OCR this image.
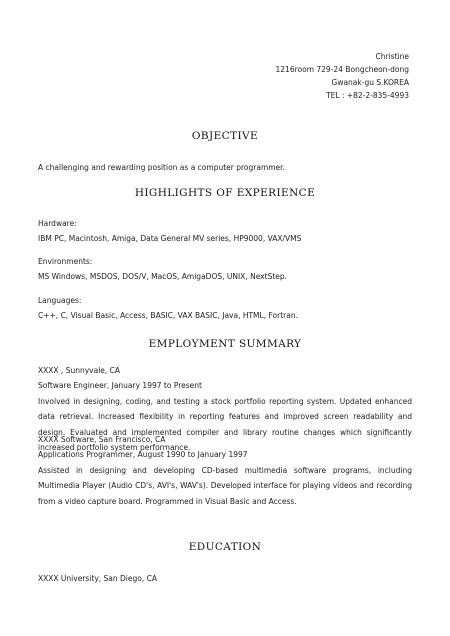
Christine
1216room 729-24 Bongcheon-dong
Gwanak-gu S.KOREA
TEL : +82-2-835-4993
OBJECTIVE
A challenging and rewarding position as a computer programmer.
HIGHLIGHTS OF EXPERIENCE
Hardware:
IBM PC, Macintosh, Amiga, Data General MV series, HP9000, VAX/VMS
Environments:
MS Windows, MSDOS, DOS/V, MacOS, AmigaDOS, UNIX, NextStep.
Languages:
C++, C, Visual Basic, Access, BASIC, VAX BASIC, Java, HTML, Fortran.
EMPLOYMENT SUMMARY
XXXX , Sunnyvale, CA
Software Engineer, January 1997 to Present
Involved in designing, coding, and testing a stock portfolio reporting system. Updated enhanced data retrieval. Increased flexibility in reporting features and improved screen readability and design. Evaluated and implemented compiler and library routine changes which significantly increased portfolio system performance.
XXXX Software, San Francisco, CA
Applications Programmer, August 1990 to January 1997
Assisted in designing and developing CD-based multimedia software programs, including Multimedia Player (Audio CD's, AVI's, WAV's). Developed interface for playing videos and recording from a video capture board. Programmed in Visual Basic and Access.
EDUCATION
XXXX University, San Diego, CA
